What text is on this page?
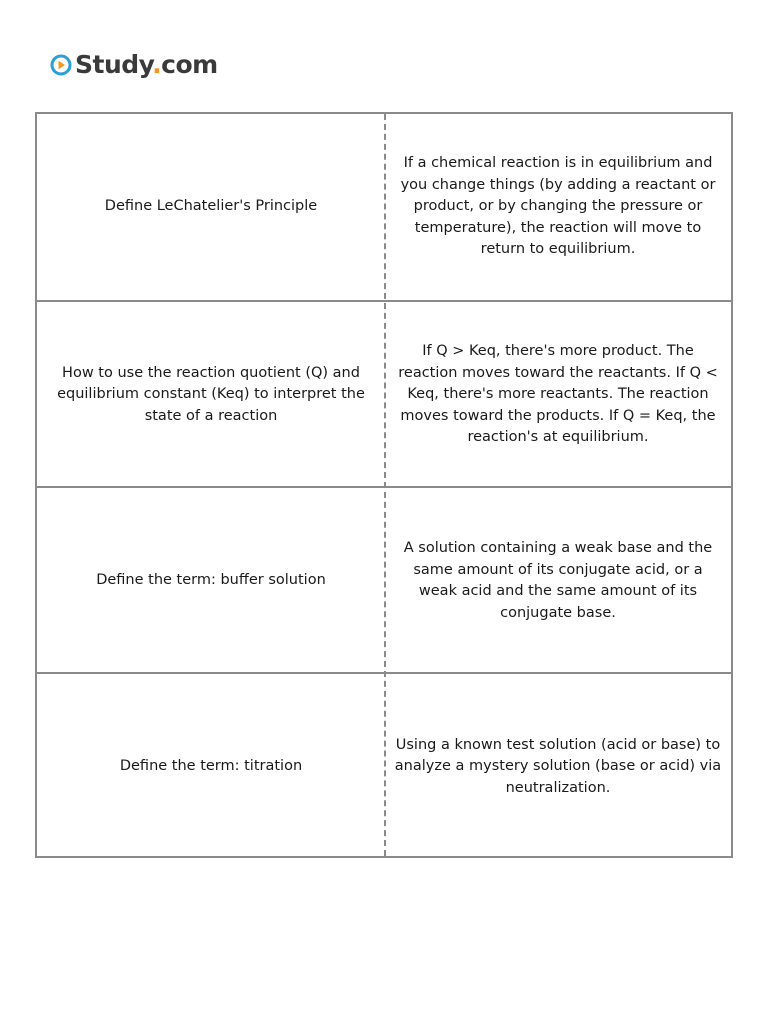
Study.com
Define LeChatelier's Principle
If a chemical reaction is in equilibrium and you change things (by adding a reactant or product, or by changing the pressure or temperature), the reaction will move to return to equilibrium.
How to use the reaction quotient (Q) and equilibrium constant (Keq) to interpret the state of a reaction
If Q > Keq, there's more product. The reaction moves toward the reactants. If Q < Keq, there's more reactants. The reaction moves toward the products. If Q = Keq, the reaction's at equilibrium.
Define the term: buffer solution
A solution containing a weak base and the same amount of its conjugate acid, or a weak acid and the same amount of its conjugate base.
Define the term: titration
Using a known test solution (acid or base) to analyze a mystery solution (base or acid) via neutralization.
